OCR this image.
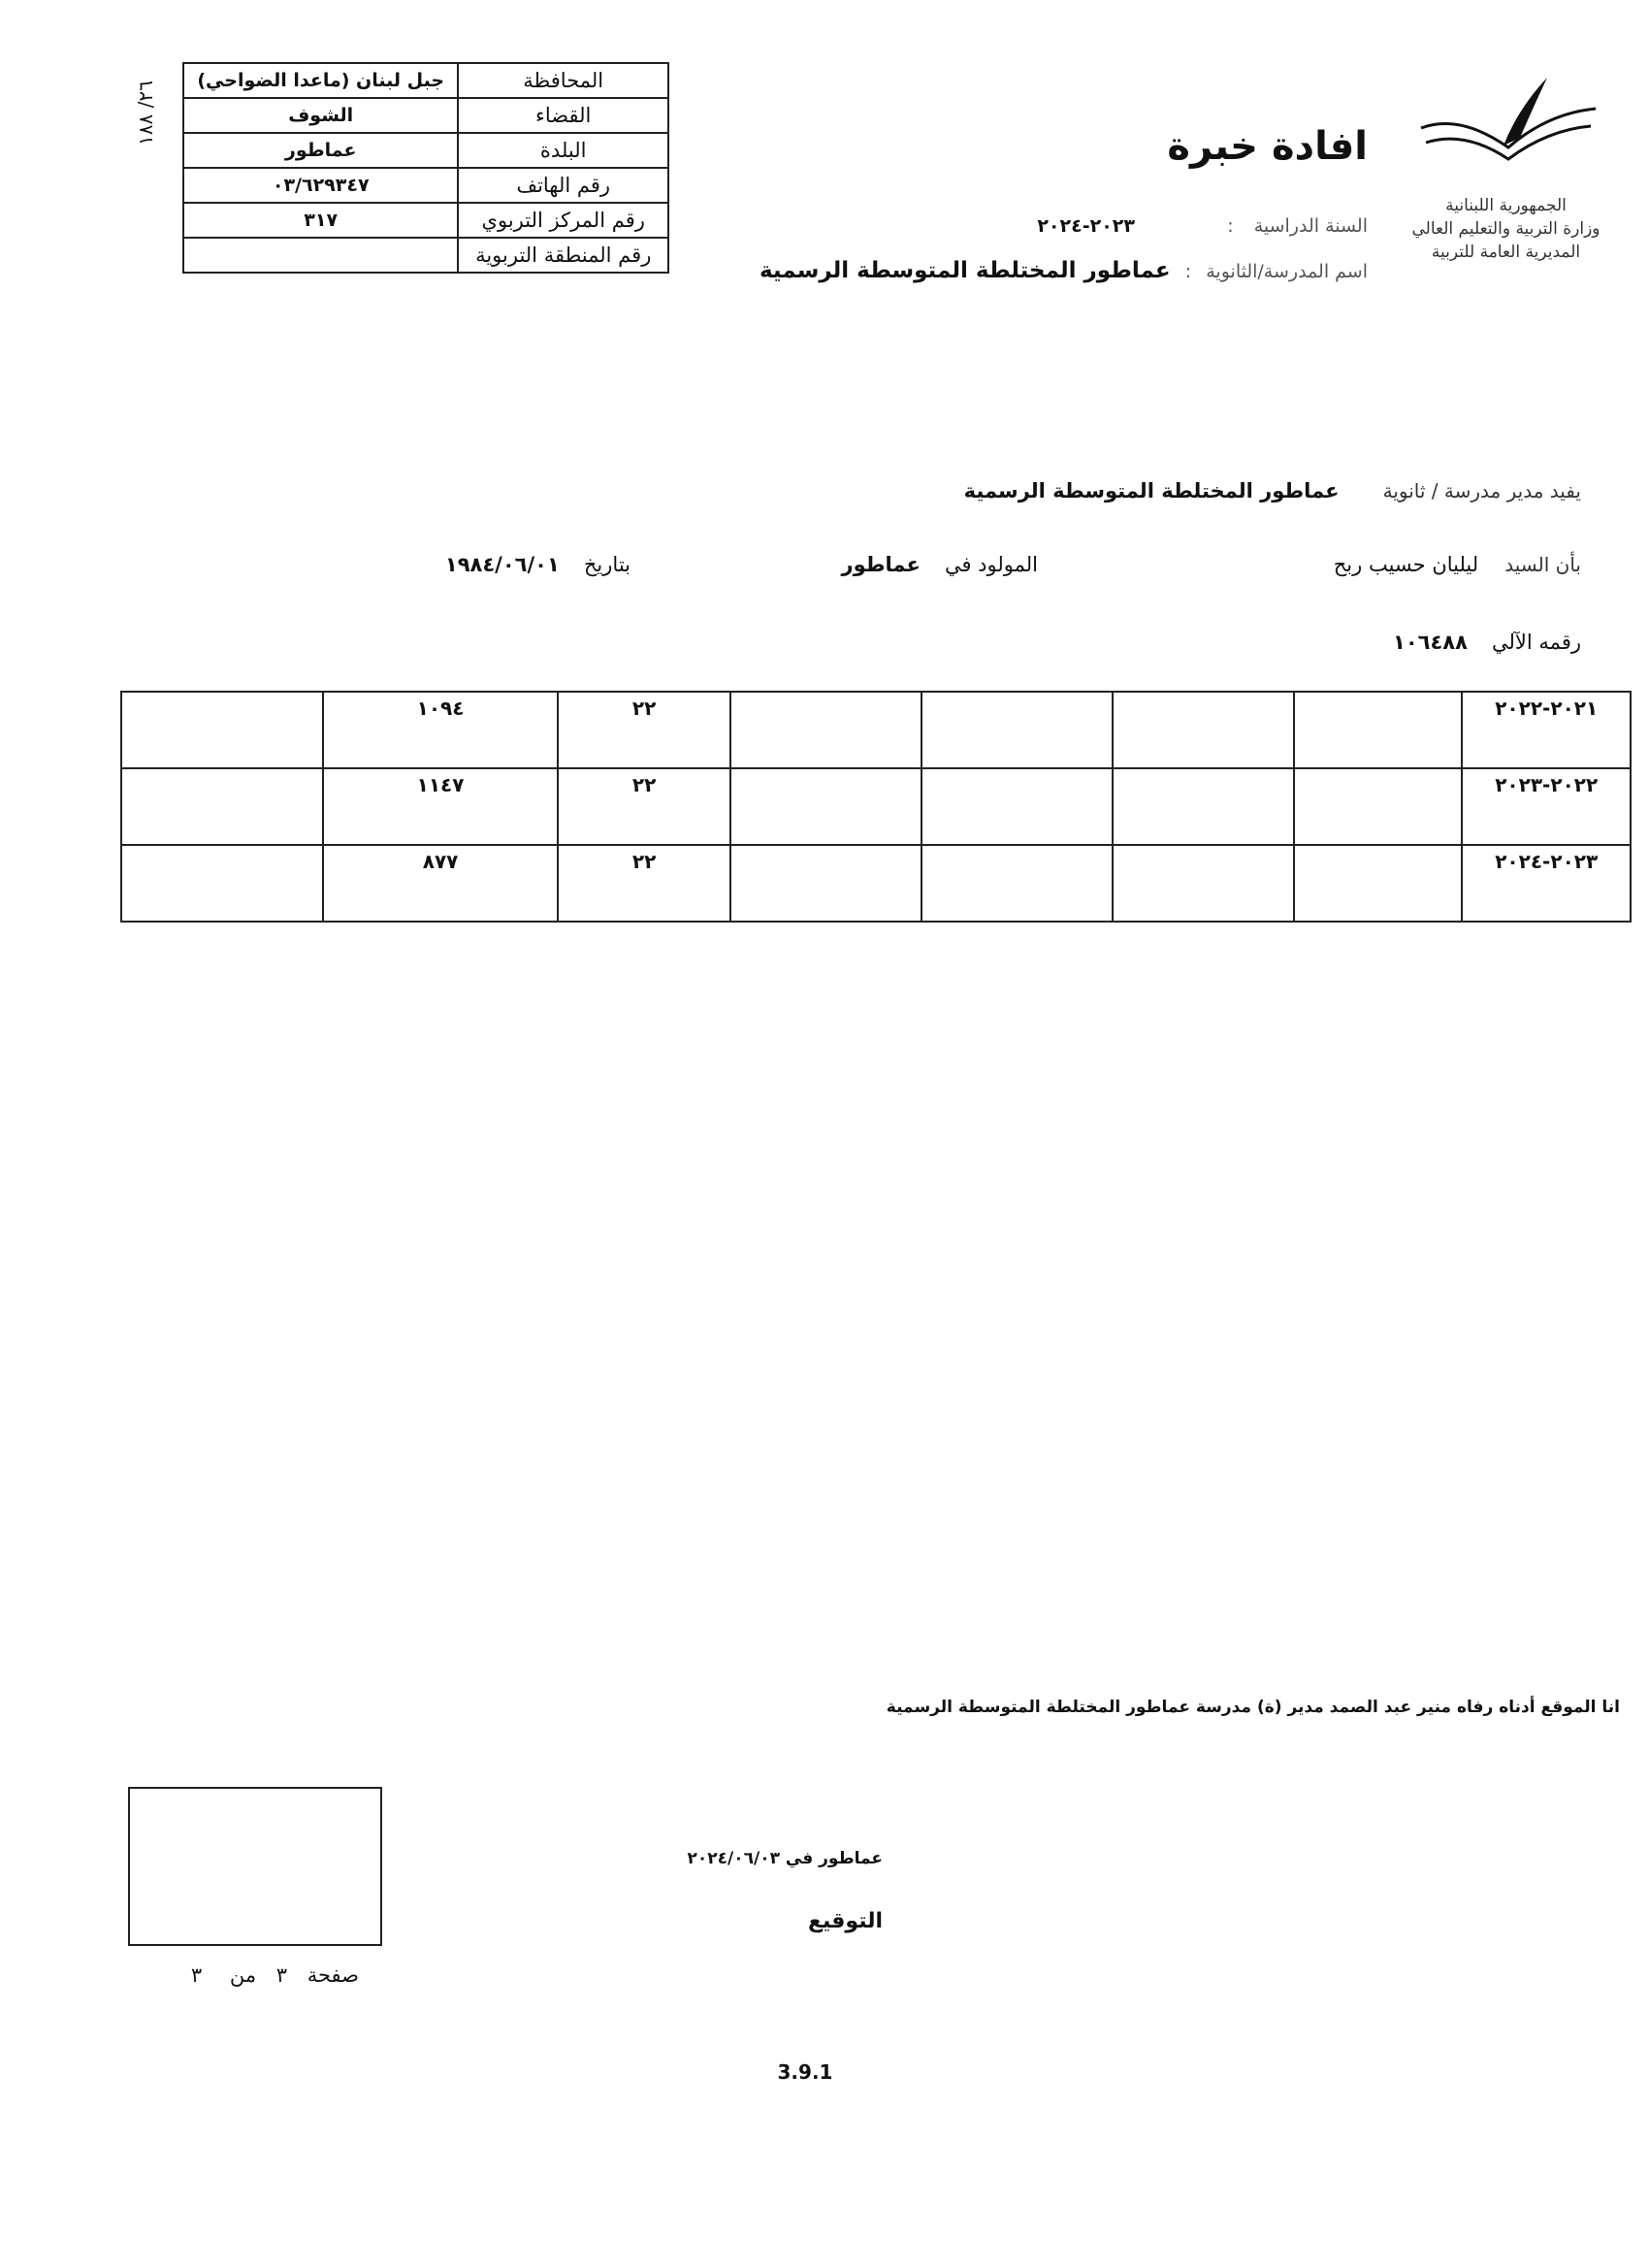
٢٦/ ١٨٨	المحافظة	جبل لبنان (ماعدا الضواحي)
القضاء	الشوف
البلدة	عماطور
رقم الهاتف	٠٣/٦٢٩٣٤٧
رقم المركز التربوي	٣١٧
رقم المنطقة التربوية	
الجمهورية اللبنانية
وزارة التربية والتعليم العالي
المديرية العامة للتربية
افادة خبرة
السنة الدراسية :
٢٠٢٣-٢٠٢٤
اسم المدرسة/الثانوية : عماطور المختلطة المتوسطة الرسمية
يفيد مدير مدرسة / ثانوية عماطور المختلطة المتوسطة الرسمية
بأن السيد ليليان حسيب ربح
المولود في عماطور
بتاريخ ١٩٨٤/٠٦/٠١
رقمه الآلي ١٠٦٤٨٨
٢٠٢١-٢٠٢٢					٢٢	١٠٩٤	
٢٠٢٢-٢٠٢٣					٢٢	١١٤٧	
٢٠٢٣-٢٠٢٤					٢٢	٨٧٧	
انا الموقع أدناه رفاه منير عبد الصمد مدير (ة) مدرسة عماطور المختلطة المتوسطة الرسمية
عماطور في ٢٠٢٤/٠٦/٠٣
التوقيع
صفحة ٣ من ٣
3.9.1
